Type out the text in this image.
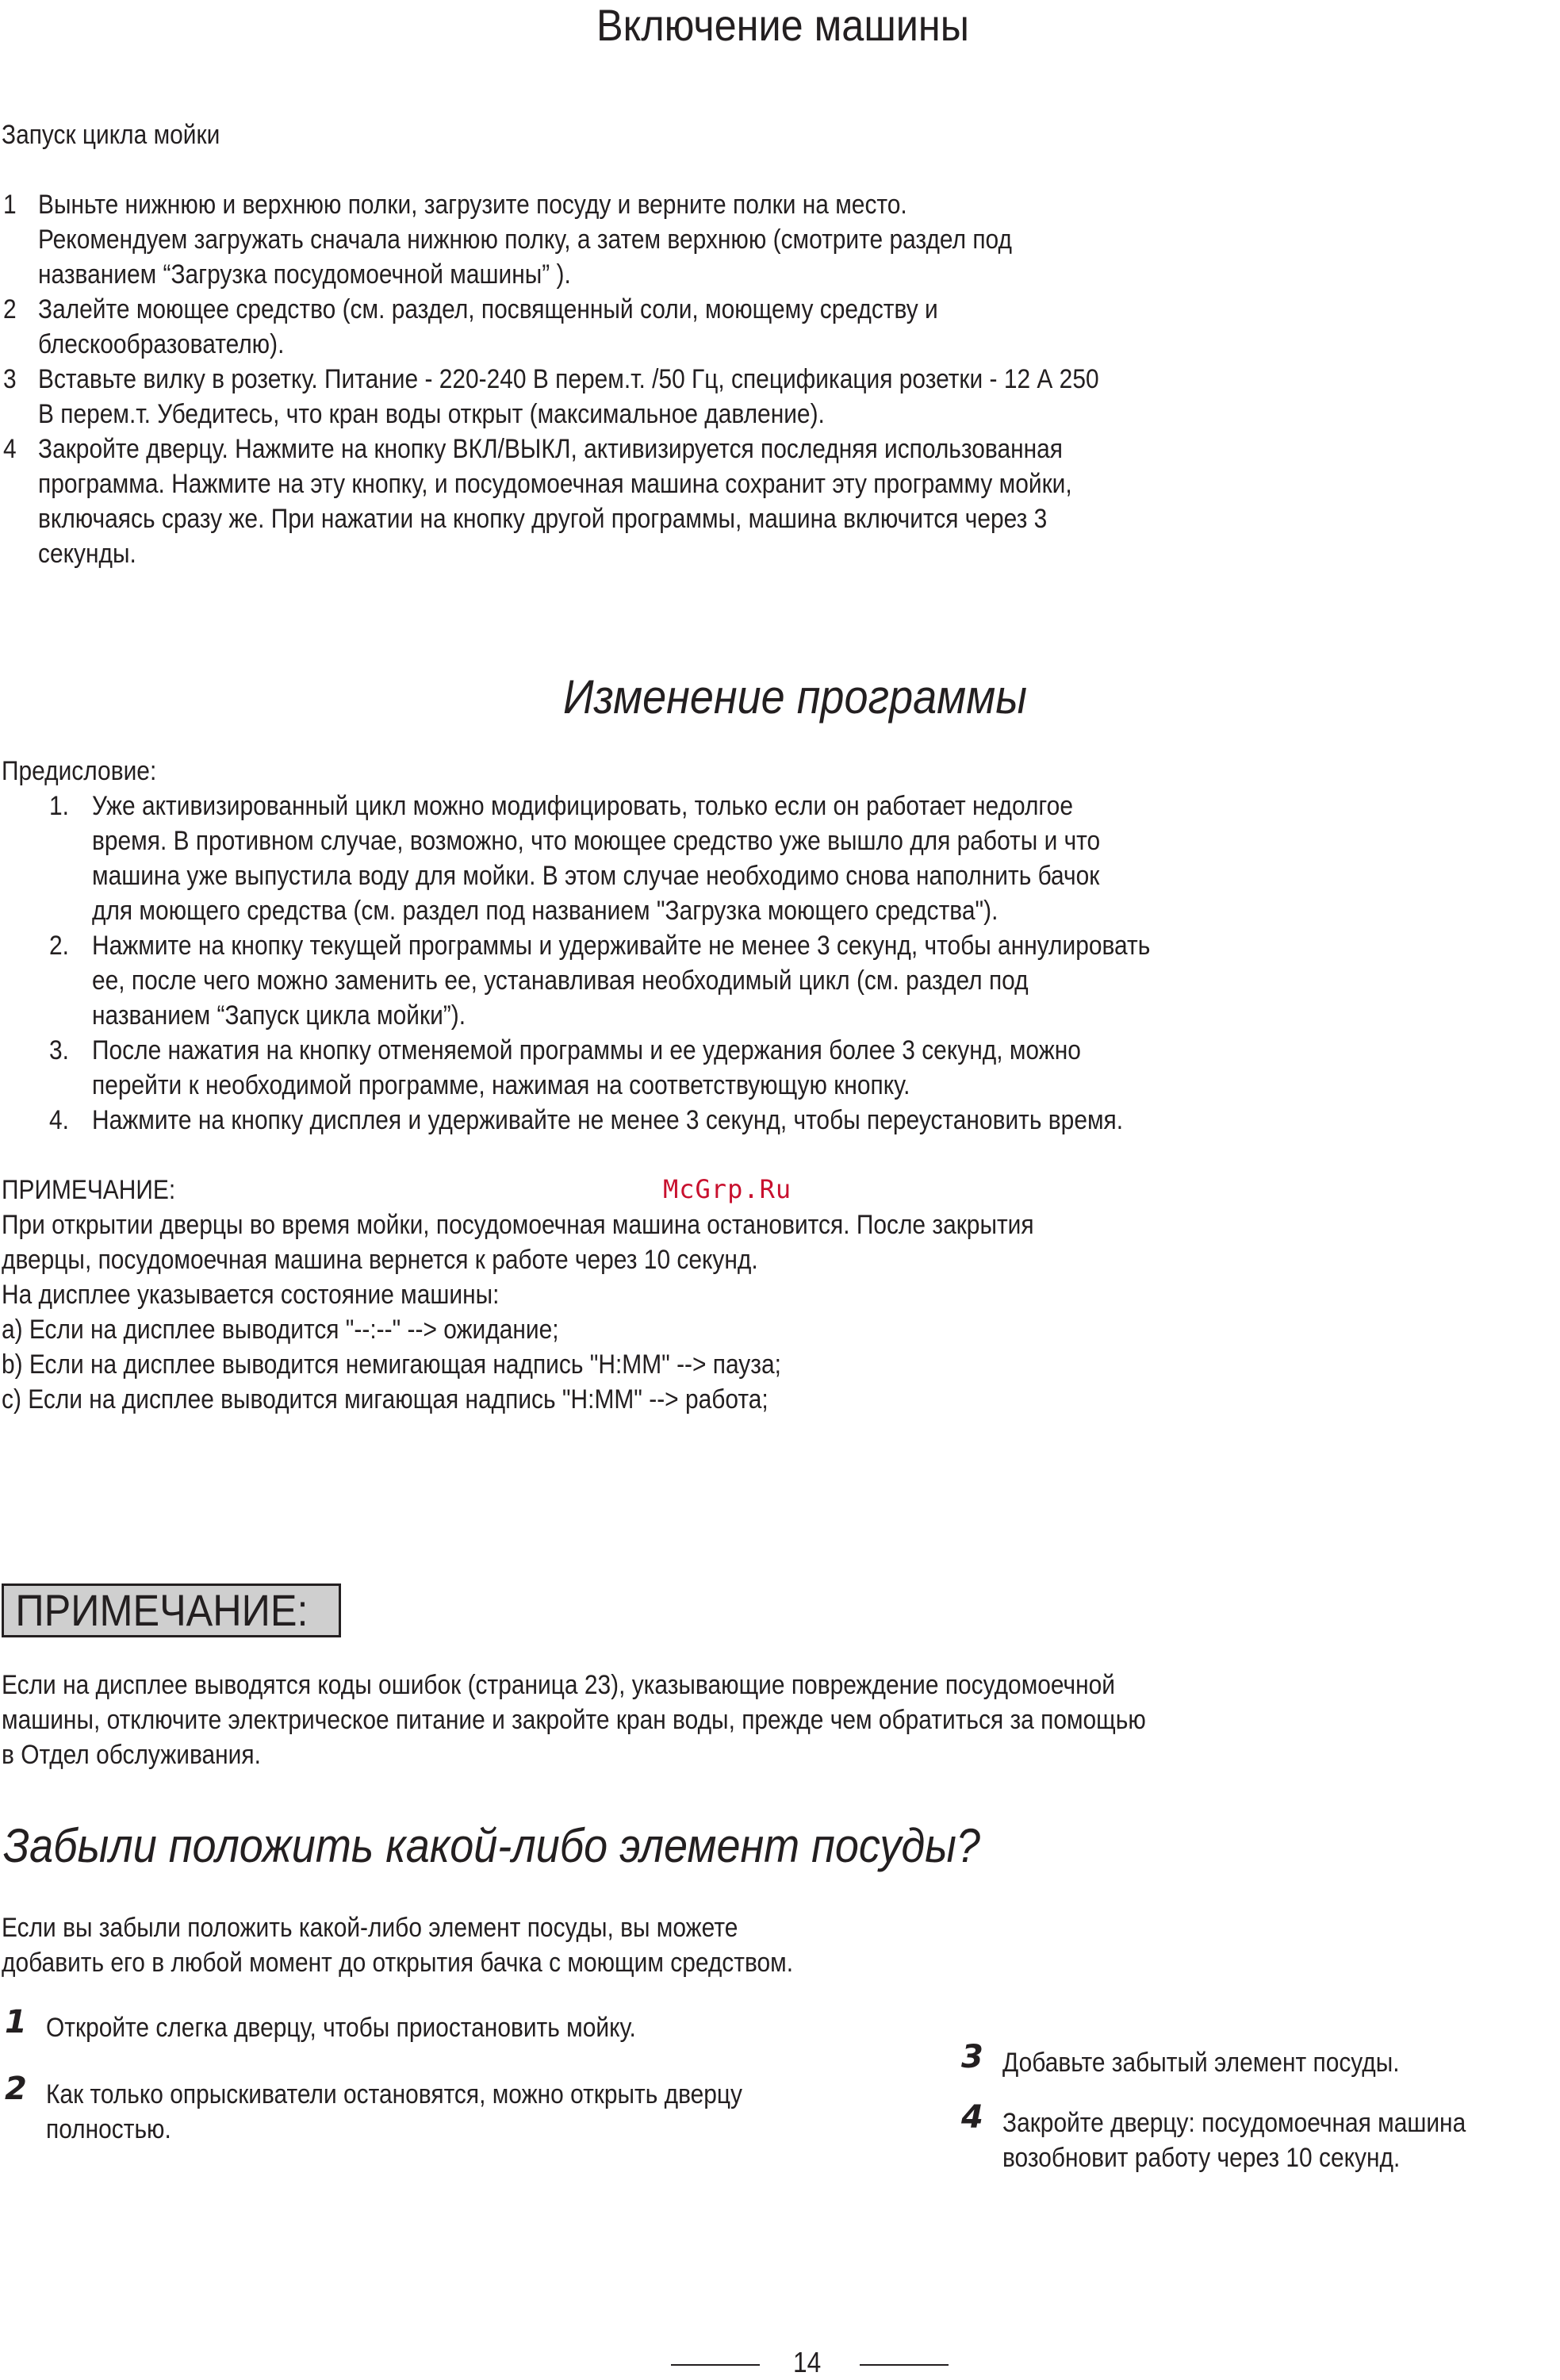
Включение машины
Запуск цикла мойки
1 Выньте нижнюю и верхнюю полки, загрузите посуду и верните полки на место.
Рекомендуем загружать сначала нижнюю полку, а затем верхнюю (смотрите раздел под
названием “Загрузка посудомоечной машины” ).
2 Залейте моющее средство (см. раздел, посвященный соли, моющему средству и
блескообразователю).
3 Вставьте вилку в розетку. Питание - 220-240 В перем.т. /50 Гц, спецификация розетки - 12 А 250
В перем.т. Убедитесь, что кран воды открыт (максимальное давление).
4 Закройте дверцу. Нажмите на кнопку ВКЛ/ВЫКЛ, активизируется последняя использованная
программа. Нажмите на эту кнопку, и посудомоечная машина сохранит эту программу мойки,
включаясь сразу же. При нажатии на кнопку другой программы, машина включится через 3
секунды.
Изменение программы
Предисловие:
1. Уже активизированный цикл можно модифицировать, только если он работает недолгое
время. В противном случае, возможно, что моющее средство уже вышло для работы и что
машина уже выпустила воду для мойки. В этом случае необходимо снова наполнить бачок
для моющего средства (см. раздел под названием "Загрузка моющего средства").
2. Нажмите на кнопку текущей программы и удерживайте не менее 3 секунд, чтобы аннулировать
ее, после чего можно заменить ее, устанавливая необходимый цикл (см. раздел под
названием “Запуск цикла мойки”).
3. После нажатия на кнопку отменяемой программы и ее удержания более 3 секунд, можно
перейти к необходимой программе, нажимая на соответствующую кнопку.
4. Нажмите на кнопку дисплея и удерживайте не менее 3 секунд, чтобы переустановить время.
ПРИМЕЧАНИЕ:	McGrp.Ru
При открытии дверцы во время мойки, посудомоечная машина остановится. После закрытия
дверцы, посудомоечная машина вернется к работе через 10 секунд.
На дисплее указывается состояние машины:
a) Если на дисплее выводится "--:--" --> ожидание;
b) Если на дисплее выводится немигающая надпись "H:MM" --> пауза;
c) Если на дисплее выводится мигающая надпись "H:MM" --> работа;
ПРИМЕЧАНИЕ:
Если на дисплее выводятся коды ошибок (страница 23), указывающие повреждение посудомоечной
машины, отключите электрическое питание и закройте кран воды, прежде чем обратиться за помощью
в Отдел обслуживания.
Забыли положить какой-либо элемент посуды?
Если вы забыли положить какой-либо элемент посуды, вы можете
добавить его в любой момент до открытия бачка с моющим средством.
1 Откройте слегка дверцу, чтобы приостановить мойку.
2 Как только опрыскиватели остановятся, можно открыть дверцу
полностью.
3 Добавьте забытый элемент посуды.
4 Закройте дверцу: посудомоечная машина
возобновит работу через 10 секунд.
14
